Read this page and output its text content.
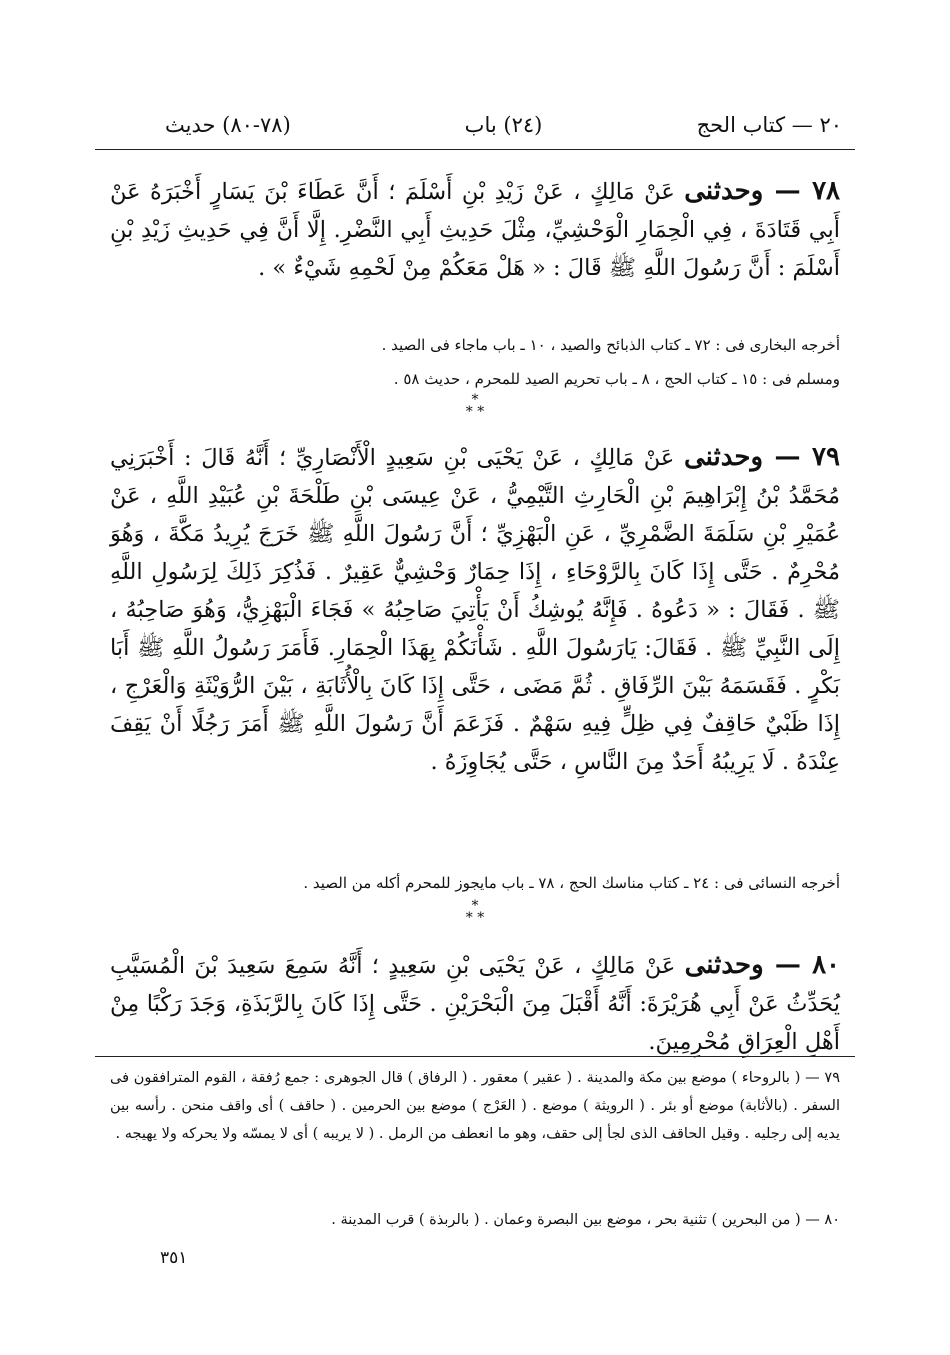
٢٠ — كتاب الحج
(٢٤) باب
(٧٨-٨٠) حديث

٧٨ — وحدثنى عَنْ مَالِكٍ ، عَنْ زَيْدِ بْنِ أَسْلَمَ ؛ أَنَّ عَطَاءَ بْنَ يَسَارٍ أَخْبَرَهُ عَنْ أَبِي قَتَادَةَ ، فِي الْحِمَارِ الْوَحْشِيِّ، مِثْلَ حَدِيثِ أَبِي النَّضْرِ. إِلَّا أَنَّ فِي حَدِيثِ زَيْدِ بْنِ أَسْلَمَ : أَنَّ رَسُولَ اللَّهِ ﷺ قَالَ : « هَلْ مَعَكُمْ مِنْ لَحْمِهِ شَيْءٌ » .

أخرجه البخارى فى : ٧٢ ـ كتاب الذبائح والصيد ، ١٠ ـ باب ماجاء فى الصيد .

ومسلم فى : ١٥ ـ كتاب الحج ، ٨ ـ باب تحريم الصيد للمحرم ، حديث ٥٨ .

*
* *

٧٩ — وحدثنى عَنْ مَالِكٍ ، عَنْ يَحْيَى بْنِ سَعِيدٍ الْأَنْصَارِيِّ ؛ أَنَّهُ قَالَ : أَخْبَرَنِي مُحَمَّدُ بْنُ إِبْرَاهِيمَ بْنِ الْحَارِثِ التَّيْمِيُّ ، عَنْ عِيسَى بْنِ طَلْحَةَ بْنِ عُبَيْدِ اللَّهِ ، عَنْ عُمَيْرِ بْنِ سَلَمَةَ الضَّمْرِيِّ ، عَنِ الْبَهْزِيِّ ؛ أَنَّ رَسُولَ اللَّهِ ﷺ خَرَجَ يُرِيدُ مَكَّةَ ، وَهُوَ مُحْرِمٌ . حَتَّى إِذَا كَانَ بِالرَّوْحَاءِ ، إِذَا حِمَارٌ وَحْشِيٌّ عَقِيرٌ . فَذُكِرَ ذَلِكَ لِرَسُولِ اللَّهِ ﷺ . فَقَالَ : « دَعُوهُ . فَإِنَّهُ يُوشِكُ أَنْ يَأْتِيَ صَاحِبُهُ » فَجَاءَ الْبَهْزِيُّ، وَهُوَ صَاحِبُهُ ، إِلَى النَّبِيِّ ﷺ . فَقَالَ: يَارَسُولَ اللَّهِ . شَأْنَكُمْ بِهَذَا الْحِمَارِ. فَأَمَرَ رَسُولُ اللَّهِ ﷺ أَبَا بَكْرٍ . فَقَسَمَهُ بَيْنَ الرِّفَاقِ . ثُمَّ مَضَى ، حَتَّى إِذَا كَانَ بِالْأُثَابَةِ ، بَيْنَ الرُّوَيْثَةِ وَالْعَرْجِ ، إِذَا ظَبْيٌ حَاقِفٌ فِي ظِلٍّ فِيهِ سَهْمٌ . فَزَعَمَ أَنَّ رَسُولَ اللَّهِ ﷺ أَمَرَ رَجُلًا أَنْ يَقِفَ عِنْدَهُ . لَا يَرِيبُهُ أَحَدٌ مِنَ النَّاسِ ، حَتَّى يُجَاوِزَهُ .

أخرجه النسائى فى : ٢٤ ـ كتاب مناسك الحج ، ٧٨ ـ باب مايجوز للمحرم أكله من الصيد .

*
* *

٨٠ — وحدثنى عَنْ مَالِكٍ ، عَنْ يَحْيَى بْنِ سَعِيدٍ ؛ أَنَّهُ سَمِعَ سَعِيدَ بْنَ الْمُسَيَّبِ يُحَدِّثُ عَنْ أَبِي هُرَيْرَةَ: أَنَّهُ أَقْبَلَ مِنَ الْبَحْرَيْنِ . حَتَّى إِذَا كَانَ بِالرَّبَذَةِ، وَجَدَ رَكْبًا مِنْ أَهْلِ الْعِرَاقِ مُحْرِمِينَ.

٧٩ — ( بالروحاء ) موضع بين مكة والمدينة . ( عقير ) معقور . ( الرفاق ) قال الجوهرى : جمع رُفقة ، القوم المترافقون فى السفر . (بالأثابة) موضع أو بئر . ( الرويثة ) موضع . ( العَرْج ) موضع بين الحرمين . ( حاقف ) أى واقف منحن . رأسه بين يديه إلى رجليه . وقيل الحاقف الذى لجأ إلى حقف، وهو ما انعطف من الرمل . ( لا يريبه ) أى لا يمسّه ولا يحركه ولا يهيجه .

٨٠ — ( من البحرين ) تثنية بحر ، موضع بين البصرة وعمان . ( بالربذة ) قرب المدينة .

٣٥١
